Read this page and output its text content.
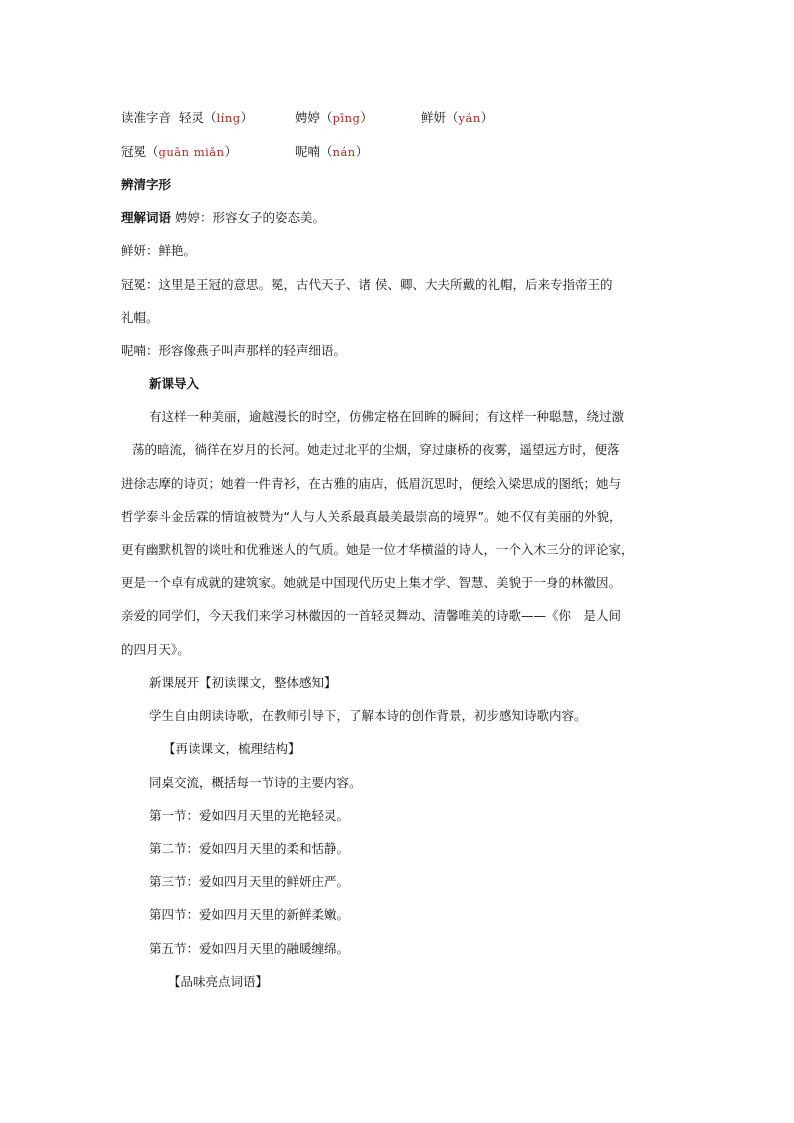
读准字音 轻灵（líng）	娉婷（pīng）	鲜妍（yán）
冠冕（guān miǎn）	呢喃（nán）
辨清字形
理解词语 娉婷：形容女子的姿态美。
鲜妍：鲜艳。
冠冕：这里是王冠的意思。冕，古代天子、诸 侯、卿、大夫所戴的礼帽，后来专指帝王的
礼帽。
呢喃：形容像燕子叫声那样的轻声细语。
新课导入
有这样一种美丽，逾越漫长的时空，仿佛定格在回眸的瞬间；有这样一种聪慧，绕过激
荡的暗流，徜徉在岁月的长河。她走过北平的尘烟，穿过康桥的夜雾，遥望远方时，便落
进徐志摩的诗页；她着一件青衫，在古雅的庙店，低眉沉思时，便绘入梁思成的图纸；她与
哲学泰斗金岳霖的情谊被赞为“人与人关系最真最美最崇高的境界”。她不仅有美丽的外貌，
更有幽默机智的谈吐和优雅迷人的气质。她是一位才华横溢的诗人，一个入木三分的评论家，
更是一个卓有成就的建筑家。她就是中国现代历史上集才学、智慧、美貌于一身的林徽因。
亲爱的同学们，今天我们来学习林徽因的一首轻灵舞动、清馨唯美的诗歌——《你　是人间
的四月天》。
新课展开【初读课文，整体感知】
学生自由朗读诗歌，在教师引导下，了解本诗的创作背景，初步感知诗歌内容。
【再读课文，梳理结构】
同桌交流，概括每一节诗的主要内容。
第一节：爱如四月天里的光艳轻灵。
第二节：爱如四月天里的柔和恬静。
第三节：爱如四月天里的鲜妍庄严。
第四节：爱如四月天里的新鲜柔嫩。
第五节：爱如四月天里的融暖缠绵。
【品味亮点词语】
